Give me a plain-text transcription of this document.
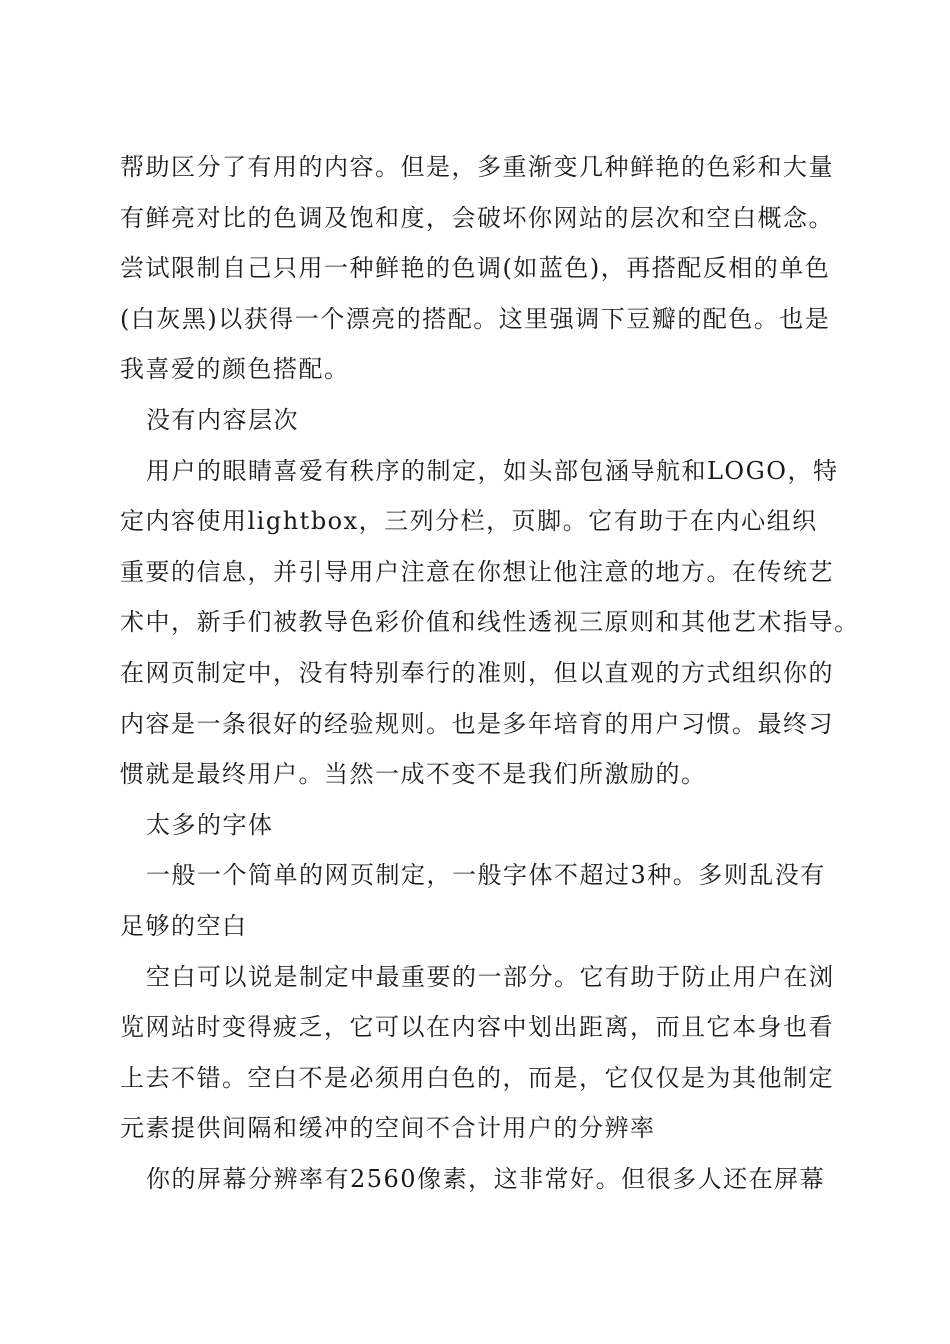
帮助区分了有用的内容。但是，多重渐变几种鲜艳的色彩和大量
有鲜亮对比的色调及饱和度，会破坏你网站的层次和空白概念。
尝试限制自己只用一种鲜艳的色调(如蓝色)，再搭配反相的单色
(白灰黑)以获得一个漂亮的搭配。这里强调下豆瓣的配色。也是
我喜爱的颜色搭配。
没有内容层次
用户的眼睛喜爱有秩序的制定，如头部包涵导航和LOGO，特
定内容使用lightbox，三列分栏，页脚。它有助于在内心组织
重要的信息，并引导用户注意在你想让他注意的地方。在传统艺
术中，新手们被教导色彩价值和线性透视三原则和其他艺术指导。
在网页制定中，没有特别奉行的准则，但以直观的方式组织你的
内容是一条很好的经验规则。也是多年培育的用户习惯。最终习
惯就是最终用户。当然一成不变不是我们所激励的。
太多的字体
一般一个简单的网页制定，一般字体不超过3种。多则乱没有
足够的空白
空白可以说是制定中最重要的一部分。它有助于防止用户在浏
览网站时变得疲乏，它可以在内容中划出距离，而且它本身也看
上去不错。空白不是必须用白色的，而是，它仅仅是为其他制定
元素提供间隔和缓冲的空间不合计用户的分辨率
你的屏幕分辨率有2560像素，这非常好。但很多人还在屏幕
